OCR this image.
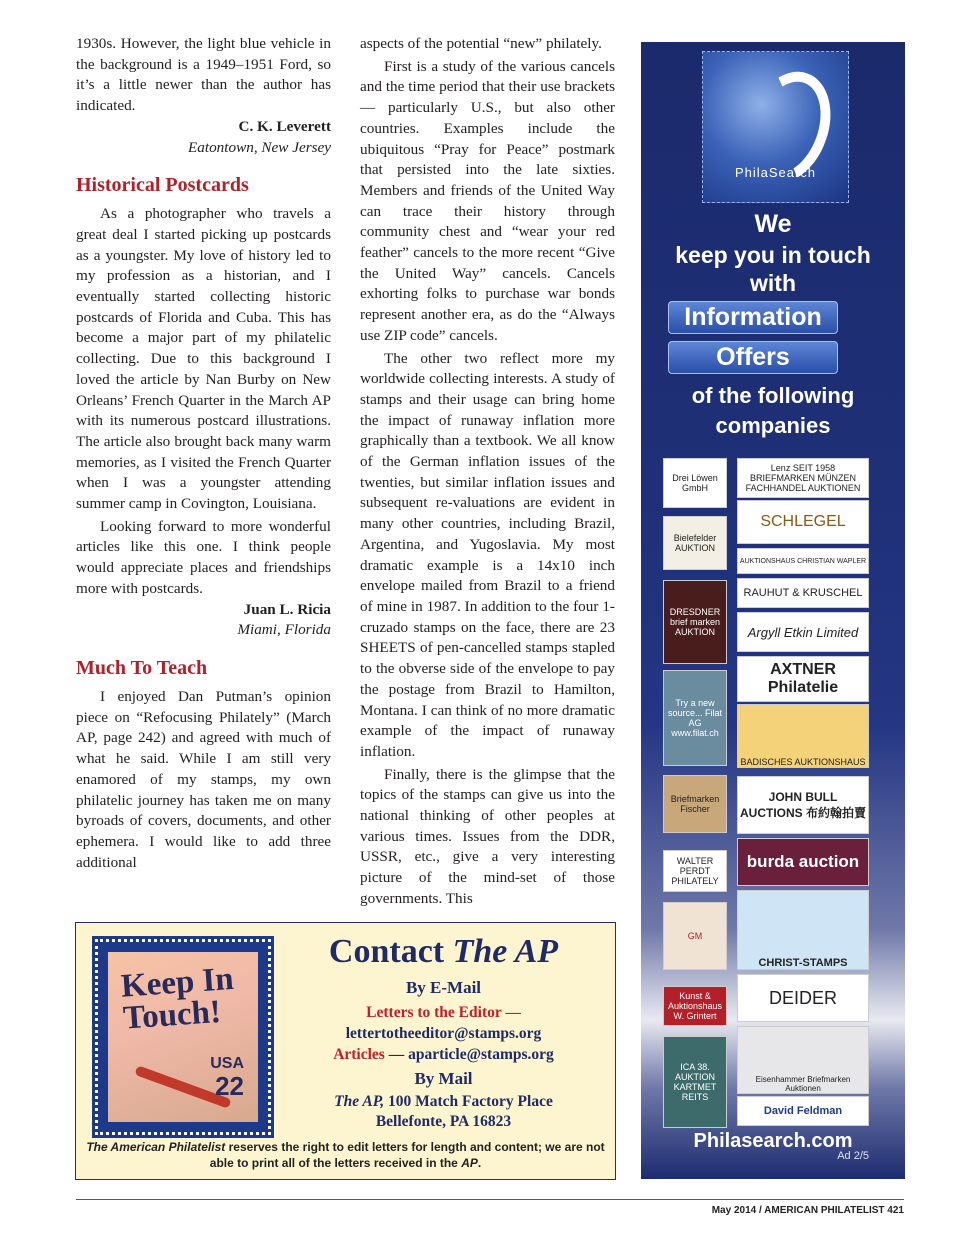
1930s. However, the light blue vehicle in the background is a 1949–1951 Ford, so it’s a little newer than the author has indicated.

C. K. Leverett

Eatontown, New Jersey

Historical Postcards

As a photographer who travels a great deal I started picking up postcards as a youngster. My love of history led to my profession as a historian, and I eventually started collecting historic postcards of Florida and Cuba. This has become a major part of my philatelic collecting. Due to this background I loved the article by Nan Burby on New Orleans’ French Quarter in the March AP with its numerous postcard illustrations. The article also brought back many warm memories, as I visited the French Quarter when I was a youngster attending summer camp in Covington, Louisiana.

Looking forward to more wonderful articles like this one. I think people would appreciate places and friendships more with postcards.

Juan L. Ricia

Miami, Florida

Much To Teach

I enjoyed Dan Putman’s opinion piece on “Refocusing Philately” (March AP, page 242) and agreed with much of what he said. While I am still very enamored of my stamps, my own philatelic journey has taken me on many byroads of covers, documents, and other ephemera. I would like to add three additional

aspects of the potential “new” philately.

First is a study of the various cancels and the time period that their use brackets — particularly U.S., but also other countries. Examples include the ubiquitous “Pray for Peace” postmark that persisted into the late sixties. Members and friends of the United Way can trace their history through community chest and “wear your red feather” cancels to the more recent “Give the United Way” cancels. Cancels exhorting folks to purchase war bonds represent another era, as do the “Always use ZIP code” cancels.

The other two reflect more my worldwide collecting interests. A study of stamps and their usage can bring home the impact of runaway inflation more graphically than a textbook. We all know of the German inflation issues of the twenties, but similar inflation issues and subsequent re-valuations are evident in many other countries, including Brazil, Argentina, and Yugoslavia. My most dramatic example is a 14x10 inch envelope mailed from Brazil to a friend of mine in 1987. In addition to the four 1-cruzado stamps on the face, there are 23 SHEETS of pen-cancelled stamps stapled to the obverse side of the envelope to pay the postage from Brazil to Hamilton, Montana. I can think of no more dramatic example of the impact of runaway inflation.

Finally, there is the glimpse that the topics of the stamps can give us into the national thinking of other peoples at various times. Issues from the DDR, USSR, etc., give a very interesting picture of the mind-set of those governments. This

PhilaSearch
We
keep you in touch
with
Information
Offers
of the following
companies
Drei Löwen GmbH
Bielefelder AUKTION
DRESDNER brief marken AUKTION
Try a new source... Filat AG www.filat.ch
Briefmarken Fischer
WALTER PERDT PHILATELY
GM
Kunst & Auktionshaus W. Grintert
ICA 38. AUKTION KARTMET REITS
Lenz SEIT 1958 BRIEFMARKEN MÜNZEN FACHHANDEL AUKTIONEN
SCHLEGEL
AUKTIONSHAUS CHRISTIAN WAPLER
RAUHUT & KRUSCHEL
Argyll Etkin Limited
AXTNER Philatelie
BADISCHES AUKTIONSHAUS
JOHN BULL AUCTIONS 布約翰拍賣
burda auction
CHRIST-STAMPS
DEIDER
Eisenhammer Briefmarken Auktionen
David Feldman
Philasearch.com
Ad 2/5
Keep In Touch!
USA
22
Contact The AP
By E-Mail
Letters to the Editor —
lettertotheeditor@stamps.org
Articles — aparticle@stamps.org
By Mail
The AP, 100 Match Factory Place
Bellefonte, PA 16823
The American Philatelist reserves the right to edit letters for length and content; we are not able to print all of the letters received in the AP.
May 2014 / AMERICAN PHILATELIST 421
